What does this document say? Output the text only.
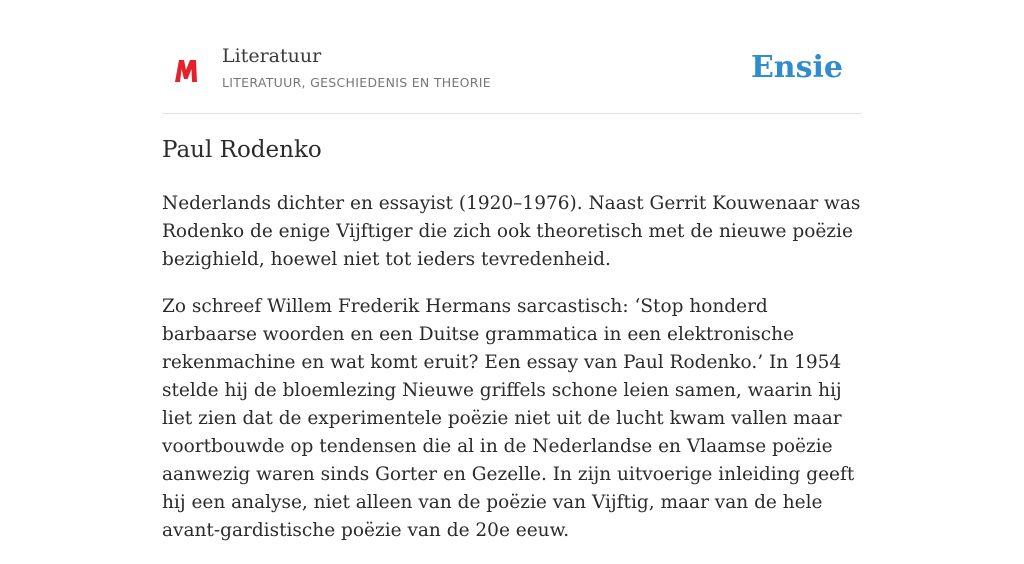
Literatuur
LITERATUUR, GESCHIEDENIS EN THEORIE	Ensie
Paul Rodenko

Nederlands dichter en essayist (1920–1976). Naast Gerrit Kouwenaar was Rodenko de enige Vijftiger die zich ook theoretisch met de nieuwe poëzie bezighield, hoewel niet tot ieders tevredenheid.

Zo schreef Willem Frederik Hermans sarcastisch: ‘Stop honderd barbaarse woorden en een Duitse grammatica in een elektronische rekenmachine en wat komt eruit? Een essay van Paul Rodenko.’ In 1954 stelde hij de bloemlezing Nieuwe griffels schone leien samen, waarin hij liet zien dat de experimentele poëzie niet uit de lucht kwam vallen maar voortbouwde op tendensen die al in de Nederlandse en Vlaamse poëzie aanwezig waren sinds Gorter en Gezelle. In zijn uitvoerige inleiding geeft hij een analyse, niet alleen van de poëzie van Vijftig, maar van de hele avant-gardistische poëzie van de 20e eeuw.
